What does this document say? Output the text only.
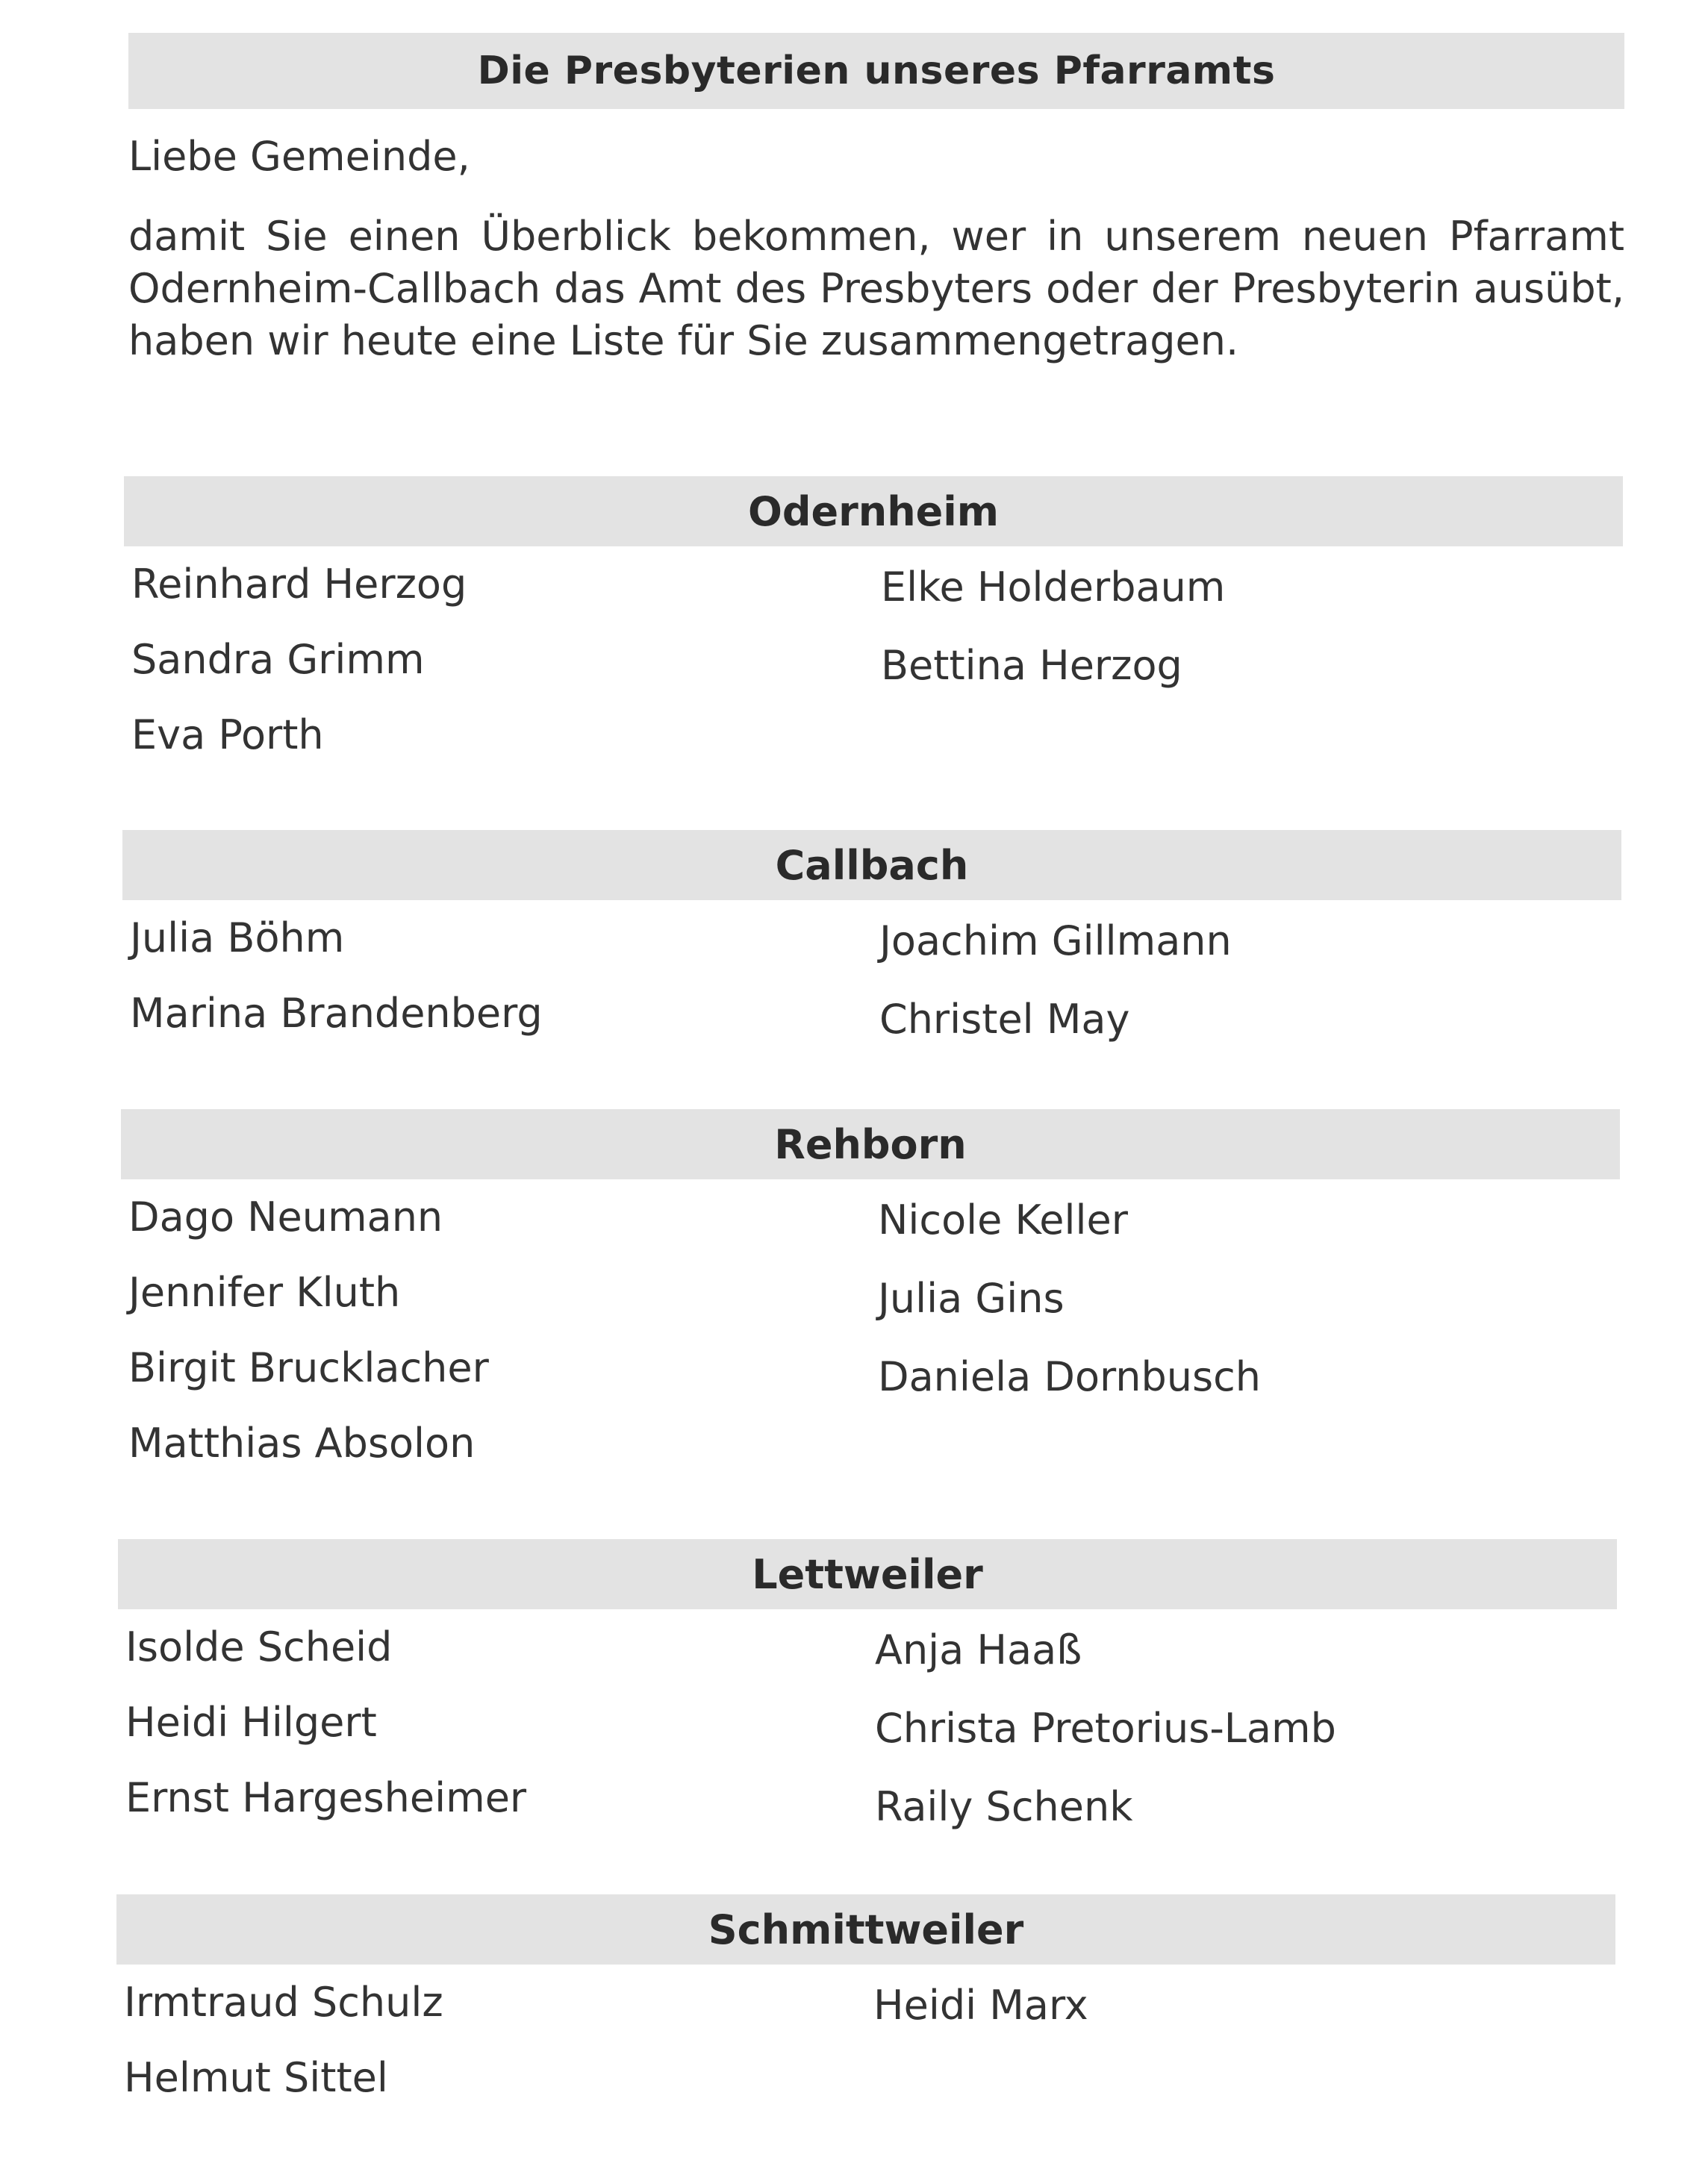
Die Presbyterien unseres Pfarramts

Liebe Gemeinde,

damit Sie einen Überblick bekommen, wer in unserem neuen Pfarramt Odernheim-Callbach das Amt des Presbyters oder der Presbyterin ausübt, haben wir heute eine Liste für Sie zusammengetragen.

Odernheim
Reinhard Herzog
Sandra Grimm
Eva Porth
Elke Holderbaum
Bettina Herzog
Callbach
Julia Böhm
Marina Brandenberg
Joachim Gillmann
Christel May
Rehborn
Dago Neumann
Jennifer Kluth
Birgit Brucklacher
Matthias Absolon
Nicole Keller
Julia Gins
Daniela Dornbusch
Lettweiler
Isolde Scheid
Heidi Hilgert
Ernst Hargesheimer
Anja Haaß
Christa Pretorius-Lamb
Raily Schenk
Schmittweiler
Irmtraud Schulz
Helmut Sittel
Heidi Marx
